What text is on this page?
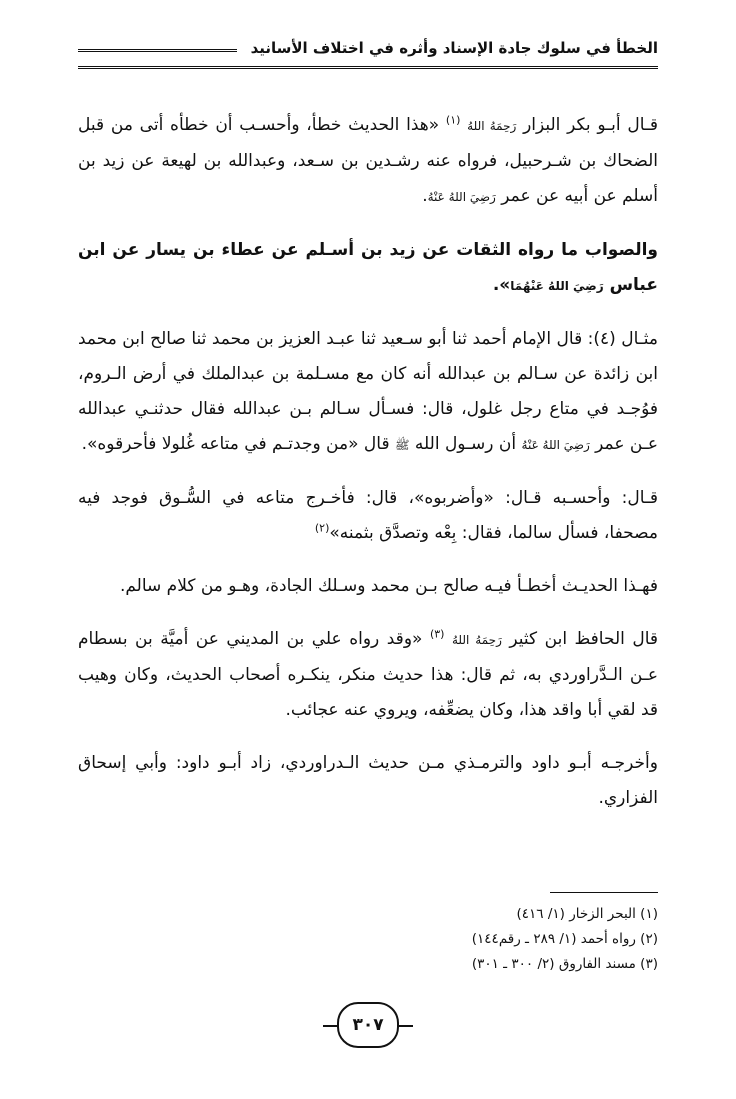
الخطأ في سلوك جادة الإسناد وأثره في اختلاف الأسانيد

قـال أبـو بكر البزار رَحِمَهُ اللهُ $^{(١)}$ «هذا الحديث خطأ، وأحسـب أن خطأه أتى من قبل الضحاك بن شـرحبيل، فرواه عنه رشـدين بن سـعد، وعبدالله بن لهيعة عن زيد بن أسلم عن أبيه عن عمر رَضِيَ اللهُ عَنْهُ.

والصواب ما رواه الثقات عن زيد بن أسـلم عن عطاء بن يسار عن ابن عباس رَضِيَ اللهُ عَنْهُمَا».

مثـال (٤): قال الإمام أحمد ثنا أبو سـعيد ثنا عبـد العزيز بن محمد ثنا صالح ابن محمد ابن زائدة عن سـالم بن عبدالله أنه كان مع مسـلمة بن عبدالملك في أرض الـروم، فوُجـد في متاع رجل غلول، قال: فسـأل سـالم بـن عبدالله فقال حدثنـي عبدالله عـن عمر رَضِيَ اللهُ عَنْهُ أن رسـول الله ﷺ قال «من وجدتـم في متاعه غُلولا فأحرقوه».

قـال: وأحسـبه قـال: «وأضربوه»، قال: فأخـرج متاعه في السُّـوق فوجد فيه مصحفا، فسأل سالما، فقال: بِعْه وتصدَّق بثمنه»$^{(٢)}$

فهـذا الحديـث أخطـأ فيـه صالح بـن محمد وسـلك الجادة، وهـو من كلام سالم.

قال الحافظ ابن كثير رَحِمَهُ اللهُ $^{(٣)}$ «وقد رواه علي بن المديني عن أميَّة بن بسطام عـن الـدَّراوردي به، ثم قال: هذا حديث منكر، ينكـره أصحاب الحديث، وكان وهيب قد لقي أبا واقد هذا، وكان يضعِّفه، ويروي عنه عجائب.

وأخرجـه أبـو داود والترمـذي مـن حديث الـدراوردي، زاد أبـو داود: وأبي إسحاق الفزاري.

(١) البحر الزخار (١/ ٤١٦)
(٢) رواه أحمد (١/ ٢٨٩ ـ رقم١٤٤)
(٣) مسند الفاروق (٢/ ٣٠٠ ـ ٣٠١)
٣٠٧
